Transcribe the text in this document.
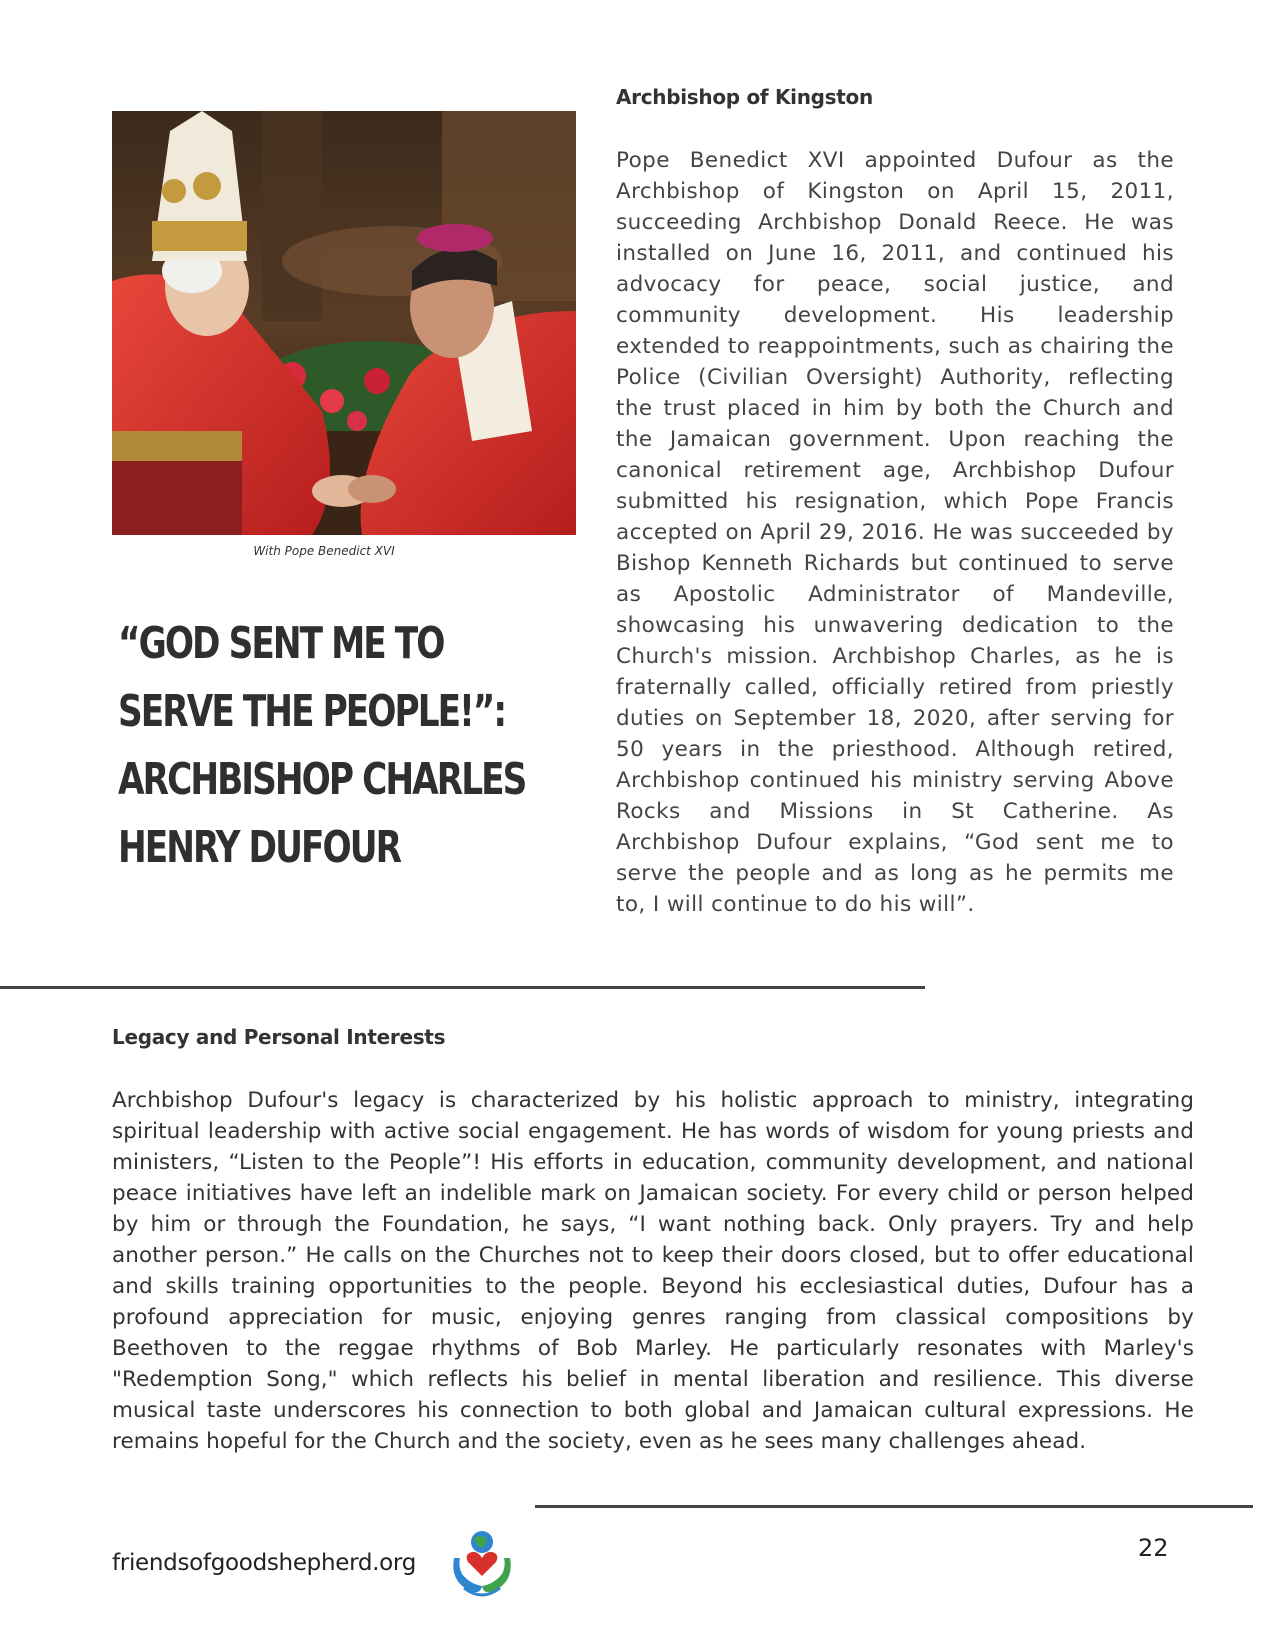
With Pope Benedict XVI
“GOD SENT ME TO SERVE THE PEOPLE!”: ARCHBISHOP CHARLES HENRY DUFOUR
Archbishop of Kingston
Pope Benedict XVI appointed Dufour as the Archbishop of Kingston on April 15, 2011, succeeding Archbishop Donald Reece. He was installed on June 16, 2011, and continued his advocacy for peace, social justice, and community development. His leadership extended to reappointments, such as chairing the Police (Civilian Oversight) Authority, reflecting the trust placed in him by both the Church and the Jamaican government. Upon reaching the canonical retirement age, Archbishop Dufour submitted his resignation, which Pope Francis accepted on April 29, 2016. He was succeeded by Bishop Kenneth Richards but continued to serve as Apostolic Administrator of Mandeville, showcasing his unwavering dedication to the Church's mission. Archbishop Charles, as he is fraternally called, officially retired from priestly duties on September 18, 2020, after serving for 50 years in the priesthood. Although retired, Archbishop continued his ministry serving Above Rocks and Missions in St Catherine. As Archbishop Dufour explains, “God sent me to serve the people and as long as he permits me to, I will continue to do his will”.
Legacy and Personal Interests
Archbishop Dufour's legacy is characterized by his holistic approach to ministry, integrating spiritual leadership with active social engagement. He has words of wisdom for young priests and ministers, “Listen to the People”! His efforts in education, community development, and national peace initiatives have left an indelible mark on Jamaican society. For every child or person helped by him or through the Foundation, he says, “I want nothing back. Only prayers. Try and help another person.” He calls on the Churches not to keep their doors closed, but to offer educational and skills training opportunities to the people. Beyond his ecclesiastical duties, Dufour has a profound appreciation for music, enjoying genres ranging from classical compositions by Beethoven to the reggae rhythms of Bob Marley. He particularly resonates with Marley's "Redemption Song," which reflects his belief in mental liberation and resilience. This diverse musical taste underscores his connection to both global and Jamaican cultural expressions. He remains hopeful for the Church and the society, even as he sees many challenges ahead.
friendsofgoodshepherd.org
22
